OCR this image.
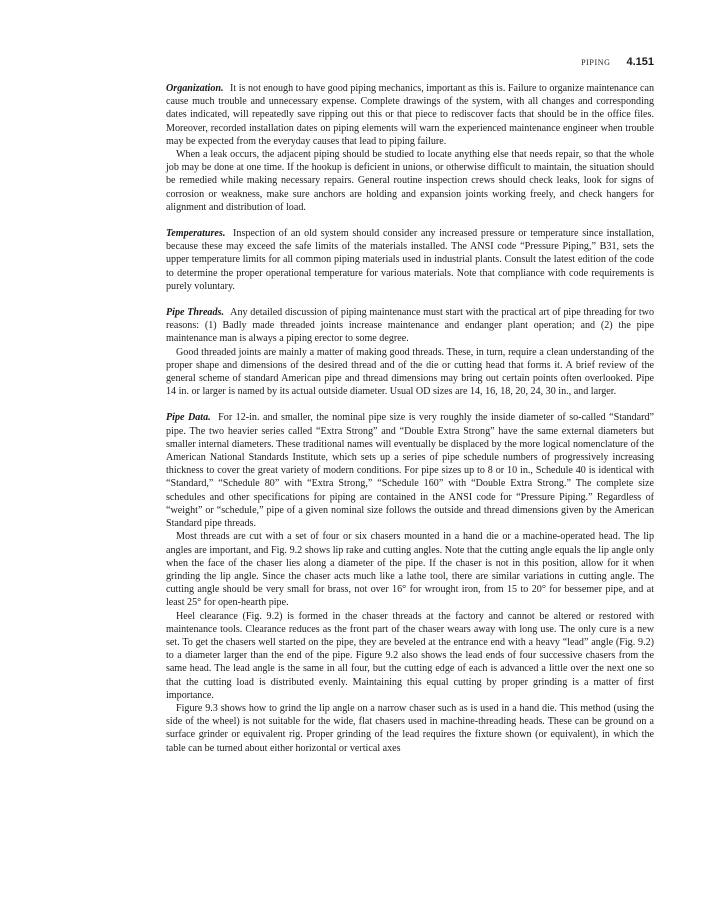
PIPING 4.151

Organization. It is not enough to have good piping mechanics, important as this is. Failure to organize maintenance can cause much trouble and unnecessary expense. Complete drawings of the system, with all changes and corresponding dates indicated, will repeatedly save ripping out this or that piece to rediscover facts that should be in the office files. Moreover, recorded installation dates on piping elements will warn the experienced maintenance engineer when trouble may be expected from the everyday causes that lead to piping failure.

When a leak occurs, the adjacent piping should be studied to locate anything else that needs repair, so that the whole job may be done at one time. If the hookup is deficient in unions, or otherwise difficult to maintain, the situation should be remedied while making necessary repairs. General routine inspection crews should check leaks, look for signs of corrosion or weakness, make sure anchors are holding and expansion joints working freely, and check hangers for alignment and distribution of load.

Temperatures. Inspection of an old system should consider any increased pressure or temperature since installation, because these may exceed the safe limits of the materials installed. The ANSI code “Pressure Piping,” B31, sets the upper temperature limits for all common piping materials used in industrial plants. Consult the latest edition of the code to determine the proper operational temperature for various materials. Note that compliance with code requirements is purely voluntary.

Pipe Threads. Any detailed discussion of piping maintenance must start with the practical art of pipe threading for two reasons: (1) Badly made threaded joints increase maintenance and endanger plant operation; and (2) the pipe maintenance man is always a piping erector to some degree.

Good threaded joints are mainly a matter of making good threads. These, in turn, require a clean understanding of the proper shape and dimensions of the desired thread and of the die or cutting head that forms it. A brief review of the general scheme of standard American pipe and thread dimensions may bring out certain points often overlooked. Pipe 14 in. or larger is named by its actual outside diameter. Usual OD sizes are 14, 16, 18, 20, 24, 30 in., and larger.

Pipe Data. For 12-in. and smaller, the nominal pipe size is very roughly the inside diameter of so-called “Standard” pipe. The two heavier series called “Extra Strong” and “Double Extra Strong” have the same external diameters but smaller internal diameters. These traditional names will eventually be displaced by the more logical nomenclature of the American National Standards Institute, which sets up a series of pipe schedule numbers of progressively increasing thickness to cover the great variety of modern conditions. For pipe sizes up to 8 or 10 in., Schedule 40 is identical with “Standard,” “Schedule 80” with “Extra Strong,” “Schedule 160” with “Double Extra Strong.” The complete size schedules and other specifications for piping are contained in the ANSI code for “Pressure Piping.” Regardless of “weight” or “schedule,” pipe of a given nominal size follows the outside and thread dimensions given by the American Standard pipe threads.

Most threads are cut with a set of four or six chasers mounted in a hand die or a machine-operated head. The lip angles are important, and Fig. 9.2 shows lip rake and cutting angles. Note that the cutting angle equals the lip angle only when the face of the chaser lies along a diameter of the pipe. If the chaser is not in this position, allow for it when grinding the lip angle. Since the chaser acts much like a lathe tool, there are similar variations in cutting angle. The cutting angle should be very small for brass, not over 16° for wrought iron, from 15 to 20° for bessemer pipe, and at least 25° for open-hearth pipe.

Heel clearance (Fig. 9.2) is formed in the chaser threads at the factory and cannot be altered or restored with maintenance tools. Clearance reduces as the front part of the chaser wears away with long use. The only cure is a new set. To get the chasers well started on the pipe, they are beveled at the entrance end with a heavy “lead” angle (Fig. 9.2) to a diameter larger than the end of the pipe. Figure 9.2 also shows the lead ends of four successive chasers from the same head. The lead angle is the same in all four, but the cutting edge of each is advanced a little over the next one so that the cutting load is distributed evenly. Maintaining this equal cutting by proper grinding is a matter of first importance.

Figure 9.3 shows how to grind the lip angle on a narrow chaser such as is used in a hand die. This method (using the side of the wheel) is not suitable for the wide, flat chasers used in machine-threading heads. These can be ground on a surface grinder or equivalent rig. Proper grinding of the lead requires the fixture shown (or equivalent), in which the table can be turned about either horizontal or vertical axes
